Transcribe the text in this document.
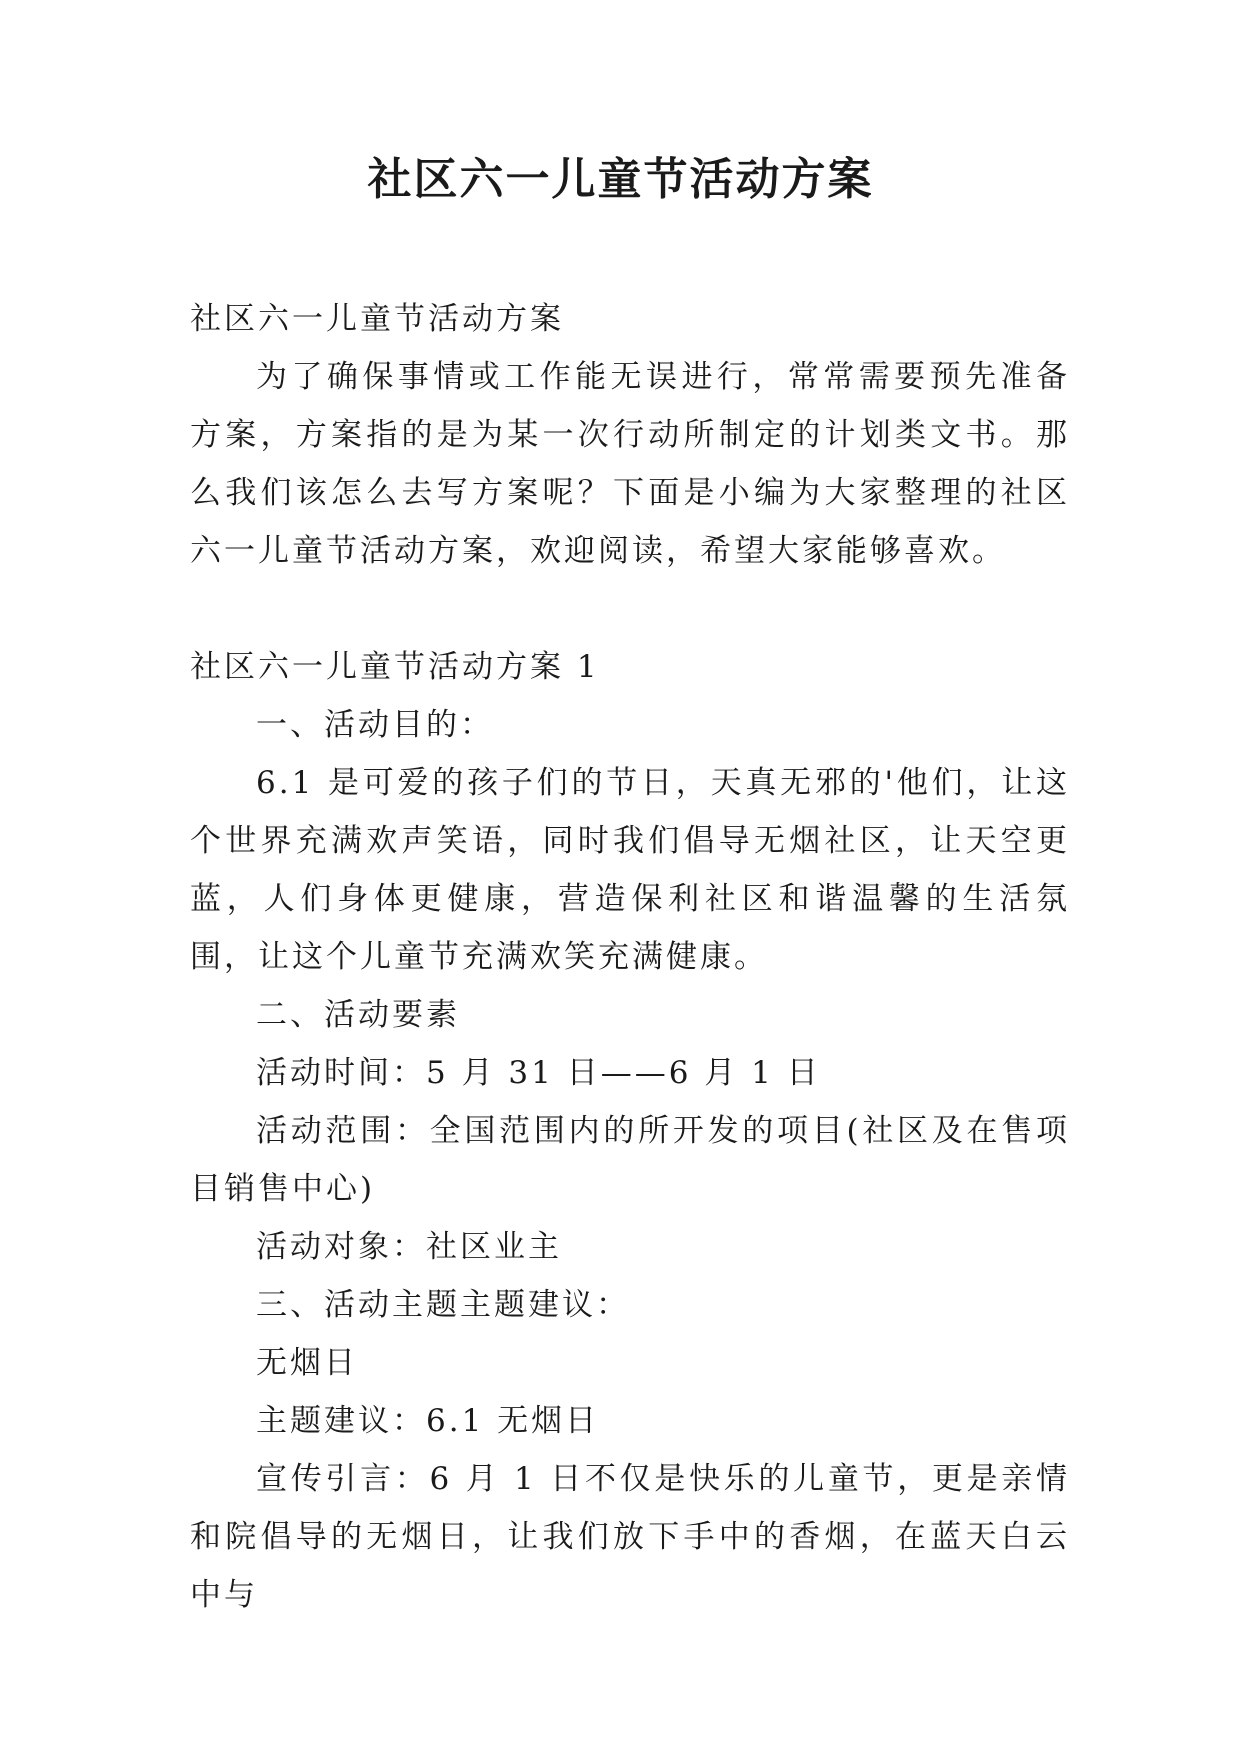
社区六一儿童节活动方案

社区六一儿童节活动方案

为了确保事情或工作能无误进行，常常需要预先准备方案，方案指的是为某一次行动所制定的计划类文书。那么我们该怎么去写方案呢？下面是小编为大家整理的社区六一儿童节活动方案，欢迎阅读，希望大家能够喜欢。

社区六一儿童节活动方案 1

一、活动目的：

6.1 是可爱的孩子们的节日，天真无邪的'他们，让这个世界充满欢声笑语，同时我们倡导无烟社区，让天空更蓝，人们身体更健康，营造保利社区和谐温馨的生活氛围，让这个儿童节充满欢笑充满健康。

二、活动要素

活动时间：5 月 31 日——6 月 1 日

活动范围：全国范围内的所开发的项目(社区及在售项目销售中心)

活动对象：社区业主

三、活动主题主题建议：

无烟日

主题建议：6.1 无烟日

宣传引言：6 月 1 日不仅是快乐的儿童节，更是亲情和院倡导的无烟日，让我们放下手中的香烟，在蓝天白云中与
